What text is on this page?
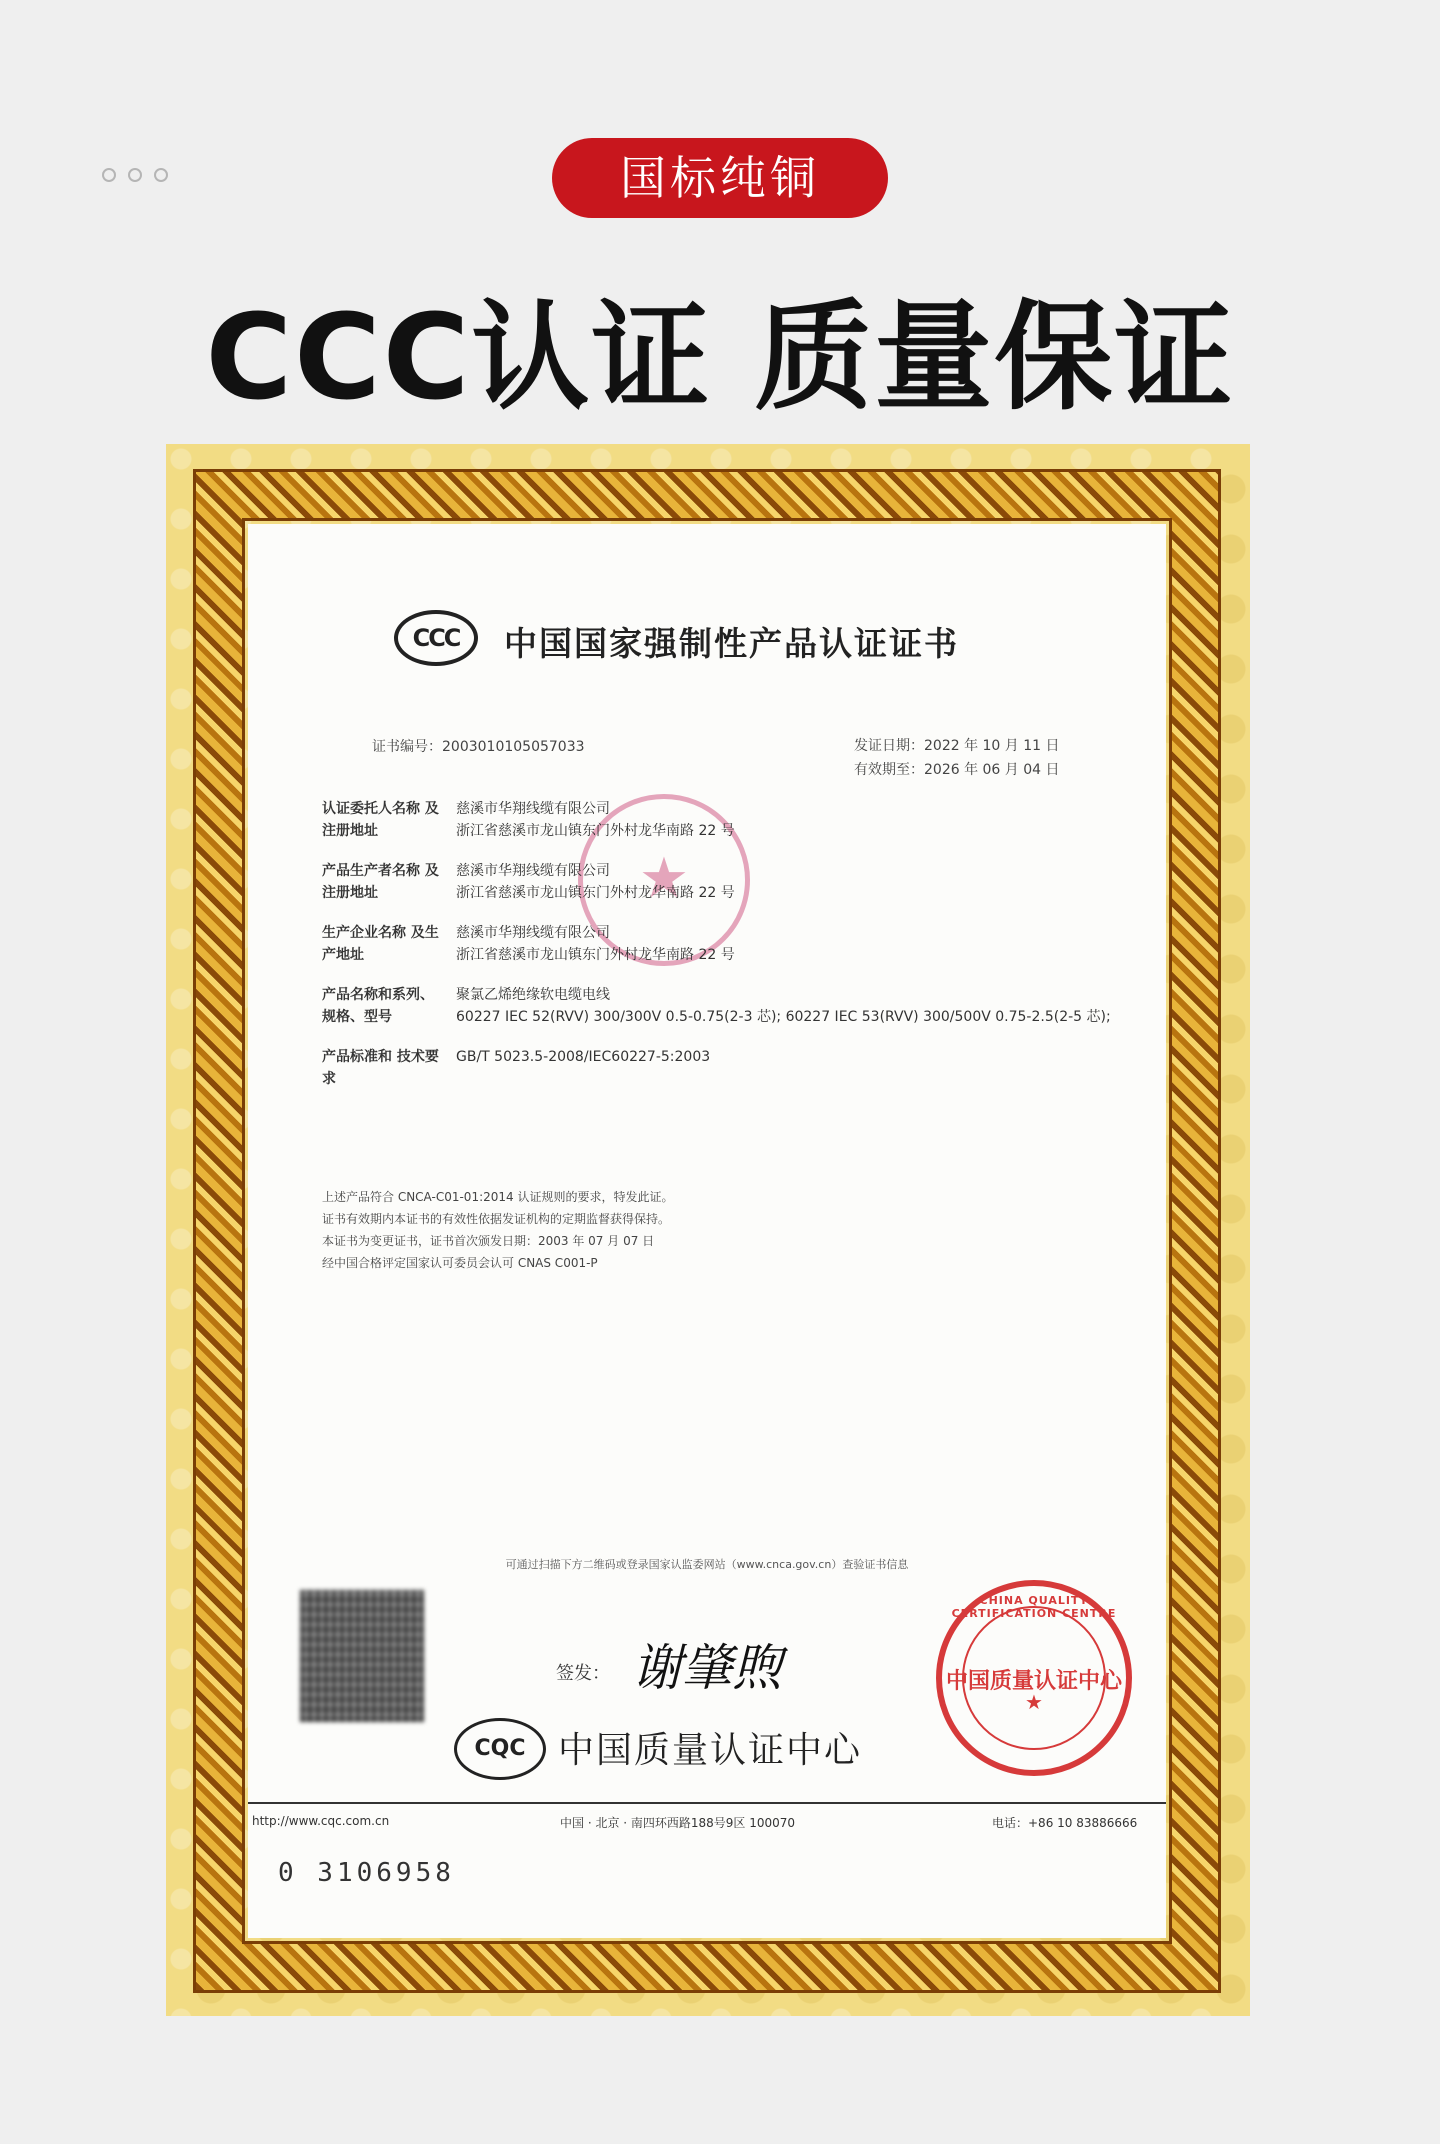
国标纯铜
CCC认证 质量保证
CCC	中国国家强制性产品认证证书
证书编号：2003010105057033	发证日期：2022 年 10 月 11 日
有效期至：2026 年 06 月 04 日
★
认证委托人名称 及注册地址
慈溪市华翔线缆有限公司
浙江省慈溪市龙山镇东门外村龙华南路 22 号
产品生产者名称 及注册地址
慈溪市华翔线缆有限公司
浙江省慈溪市龙山镇东门外村龙华南路 22 号
生产企业名称 及生产地址
慈溪市华翔线缆有限公司
浙江省慈溪市龙山镇东门外村龙华南路 22 号
产品名称和系列、 规格、型号
聚氯乙烯绝缘软电缆电线
60227 IEC 52(RVV) 300/300V 0.5-0.75(2-3 芯); 60227 IEC 53(RVV) 300/500V 0.75-2.5(2-5 芯);
产品标准和 技术要求
GB/T 5023.5-2008/IEC60227-5:2003
上述产品符合 CNCA-C01-01:2014 认证规则的要求，特发此证。
证书有效期内本证书的有效性依据发证机构的定期监督获得保持。
本证书为变更证书，证书首次颁发日期：2003 年 07 月 07 日
经中国合格评定国家认可委员会认可 CNAS C001-P
可通过扫描下方二维码或登录国家认监委网站（www.cnca.gov.cn）查验证书信息
签发： 谢肇煦
CQC 中国质量认证中心
CHINA QUALITY CERTIFICATION CENTRE
中国质量认证中心
★
http://www.cqc.com.cn	中国 · 北京 · 南四环西路188号9区 100070	电话：+86 10 83886666
0 3106958
